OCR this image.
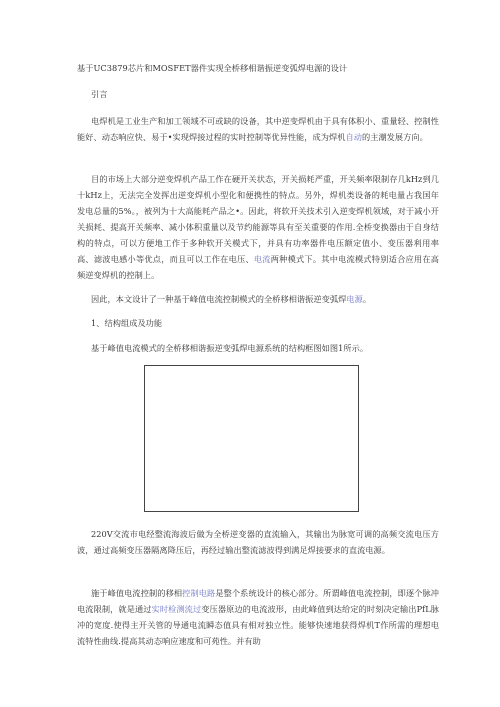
基于UC3879芯片和MOSFET器件实现全桥移相谐振逆变弧焊电源的设计

引言

电焊机是工业生产和加工领域不可或缺的设备，其中逆变焊机由于具有体积小、重量轻、控制性能好、动态响应快、易于•实现焊接过程的实时控制等优异性能，成为焊机自动的主潮发展方向。

目的市场上大部分逆变焊机产品工作在硬开关状态，开关损耗严重，开关频率限制存几kHz到几十kHz上，无法完全发挥出逆变焊机小型化和便携性的特点。另外，焊机类设备的耗电量占我国年发电总量的5%。，被列为十大高能耗产品之•。因此，将软开关技术引入逆变焊机领域，对于减小开关损耗、提高开关频率、减小体积重量以及节约能源等具有至关重要的作用.全桥变换器由于自身结构的特点，可以方便地工作于多种软开关模式下，并具有功率器件电压额定值小、变压器利用率高、滤波电感小等优点，而且可以工作在电压、电流两种模式下。其中电流模式特别适合应用在高频逆变焊机的控制上。

因此，本文设计了一种基于峰值电流控制模式的全桥移相谐振逆变弧焊电源。

1、结构组成及功能

基于峰值电流模式的全桥移相谐振逆变弧焊电源系统的结构框图如图1所示。

220V交流市电经整流海波后做为全桥逆变器的直流输入，其输出为脉宽可调的高频交流电压方波，通过高频变压器隔离降压后，再经过输出整流滤波得到满足焊接要求的直流电源。

施于峰值电流控制的移相控制电路是整个系统设计的核心部分。所谓峰值电流控制，即逐个脉冲电流限制，就是通过实时检测流过变压器原边的电流波形，由此峰值到达给定的时刻决定输出PfL脉冲的宽度.使得主开关管的导通电流瞬态值具有相对独立性。能够快速地获得焊机T作所需的理想电流特性曲线.提高其动态响应速度和可苑性。并有助
